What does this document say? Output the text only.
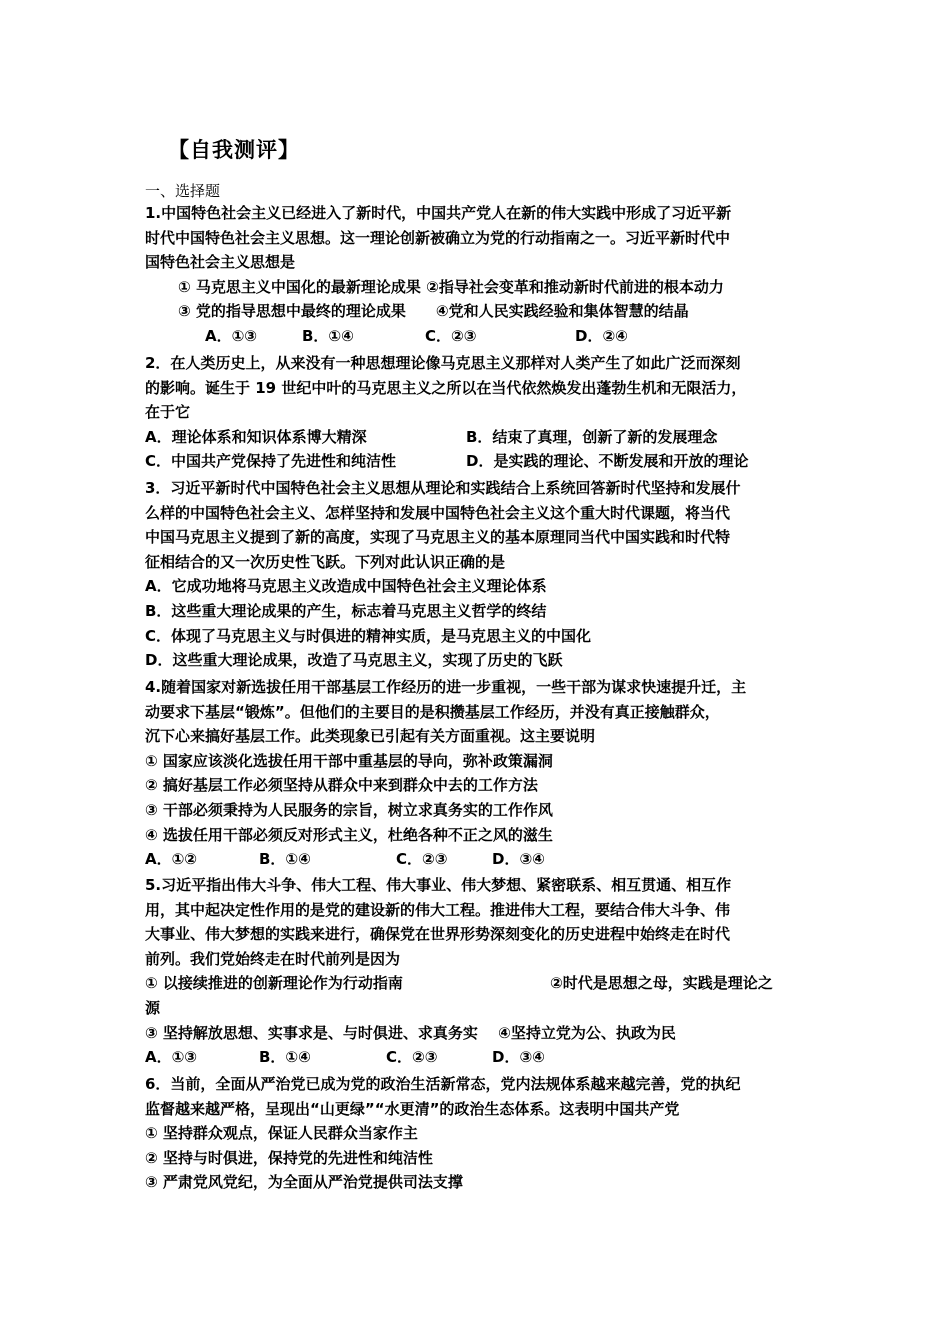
【自我测评】
一、选择题
1.中国特色社会主义已经进入了新时代，中国共产党人在新的伟大实践中形成了习近平新
时代中国特色社会主义思想。这一理论创新被确立为党的行动指南之一。习近平新时代中
国特色社会主义思想是
① 马克思主义中国化的最新理论成果 ②指导社会变革和推动新时代前进的根本动力
③ 党的指导思想中最终的理论成果　　④党和人民实践经验和集体智慧的结晶
A．①③	B．①④	C．②③	D．②④
2．在人类历史上，从来没有一种思想理论像马克思主义那样对人类产生了如此广泛而深刻
的影响。诞生于 19 世纪中叶的马克思主义之所以在当代依然焕发出蓬勃生机和无限活力，
在于它
A．理论体系和知识体系博大精深	B．结束了真理，创新了新的发展理念
C．中国共产党保持了先进性和纯洁性	D．是实践的理论、不断发展和开放的理论
3．习近平新时代中国特色社会主义思想从理论和实践结合上系统回答新时代坚持和发展什
么样的中国特色社会主义、怎样坚持和发展中国特色社会主义这个重大时代课题，将当代
中国马克思主义提到了新的高度，实现了马克思主义的基本原理同当代中国实践和时代特
征相结合的又一次历史性飞跃。下列对此认识正确的是
A．它成功地将马克思主义改造成中国特色社会主义理论体系
B．这些重大理论成果的产生，标志着马克思主义哲学的终结
C．体现了马克思主义与时俱进的精神实质，是马克思主义的中国化
D．这些重大理论成果，改造了马克思主义，实现了历史的飞跃
4.随着国家对新选拔任用干部基层工作经历的进一步重视，一些干部为谋求快速提升迁，主
动要求下基层“锻炼”。但他们的主要目的是积攒基层工作经历，并没有真正接触群众，
沉下心来搞好基层工作。此类现象已引起有关方面重视。这主要说明
① 国家应该淡化选拔任用干部中重基层的导向，弥补政策漏洞
② 搞好基层工作必须坚持从群众中来到群众中去的工作方法
③ 干部必须秉持为人民服务的宗旨，树立求真务实的工作作风
④ 选拔任用干部必须反对形式主义，杜绝各种不正之风的滋生
A．①②	B．①④	C．②③	D．③④
5.习近平指出伟大斗争、伟大工程、伟大事业、伟大梦想、紧密联系、相互贯通、相互作
用，其中起决定性作用的是党的建设新的伟大工程。推进伟大工程，要结合伟大斗争、伟
大事业、伟大梦想的实践来进行，确保党在世界形势深刻变化的历史进程中始终走在时代
前列。我们党始终走在时代前列是因为
① 以接续推进的创新理论作为行动指南	②时代是思想之母，实践是理论之
源
③ 坚持解放思想、实事求是、与时俱进、求真务实　 ④坚持立党为公、执政为民
A．①③	B．①④	C．②③	D．③④
6．当前，全面从严治党已成为党的政治生活新常态，党内法规体系越来越完善，党的执纪
监督越来越严格，呈现出“山更绿”“水更清”的政治生态体系。这表明中国共产党
① 坚持群众观点，保证人民群众当家作主
② 坚持与时俱进，保持党的先进性和纯洁性
③ 严肃党风党纪，为全面从严治党提供司法支撑
